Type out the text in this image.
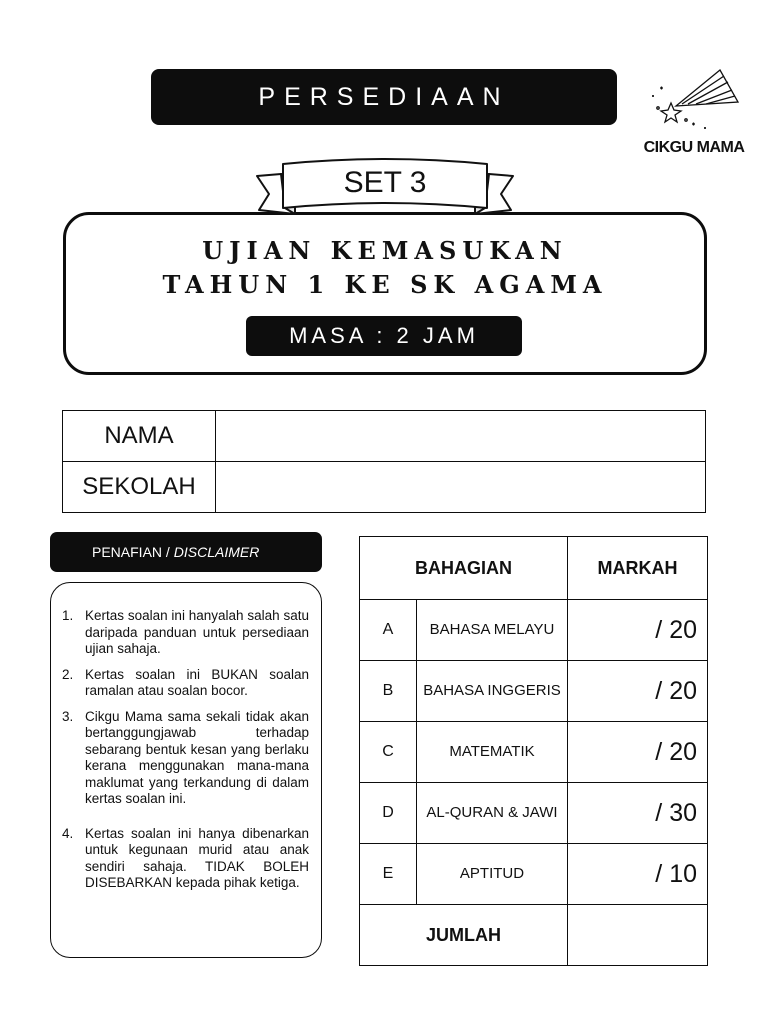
PERSEDIAAN
CIKGU MAMA
SET 3
UJIAN KEMASUKAN
TAHUN 1 KE SK AGAMA
MASA : 2 JAM
NAMA	
SEKOLAH	
PENAFIAN / DISCLAIMER
1. Kertas soalan ini hanyalah salah satu daripada panduan untuk persediaan ujian sahaja.
2. Kertas soalan ini BUKAN soalan ramalan atau soalan bocor.
3. Cikgu Mama sama sekali tidak akan bertanggungjawab terhadap sebarang bentuk kesan yang berlaku kerana menggunakan mana-mana maklumat yang terkandung di dalam kertas soalan ini.
4. Kertas soalan ini hanya dibenarkan untuk kegunaan murid atau anak sendiri sahaja. TIDAK BOLEH DISEBARKAN kepada pihak ketiga.
BAHAGIAN		MARKAH
A	BAHASA MELAYU	/ 20
B	BAHASA INGGERIS	/ 20
C	MATEMATIK	/ 20
D	AL-QURAN & JAWI	/ 30
E	APTITUD	/ 10
JUMLAH		
